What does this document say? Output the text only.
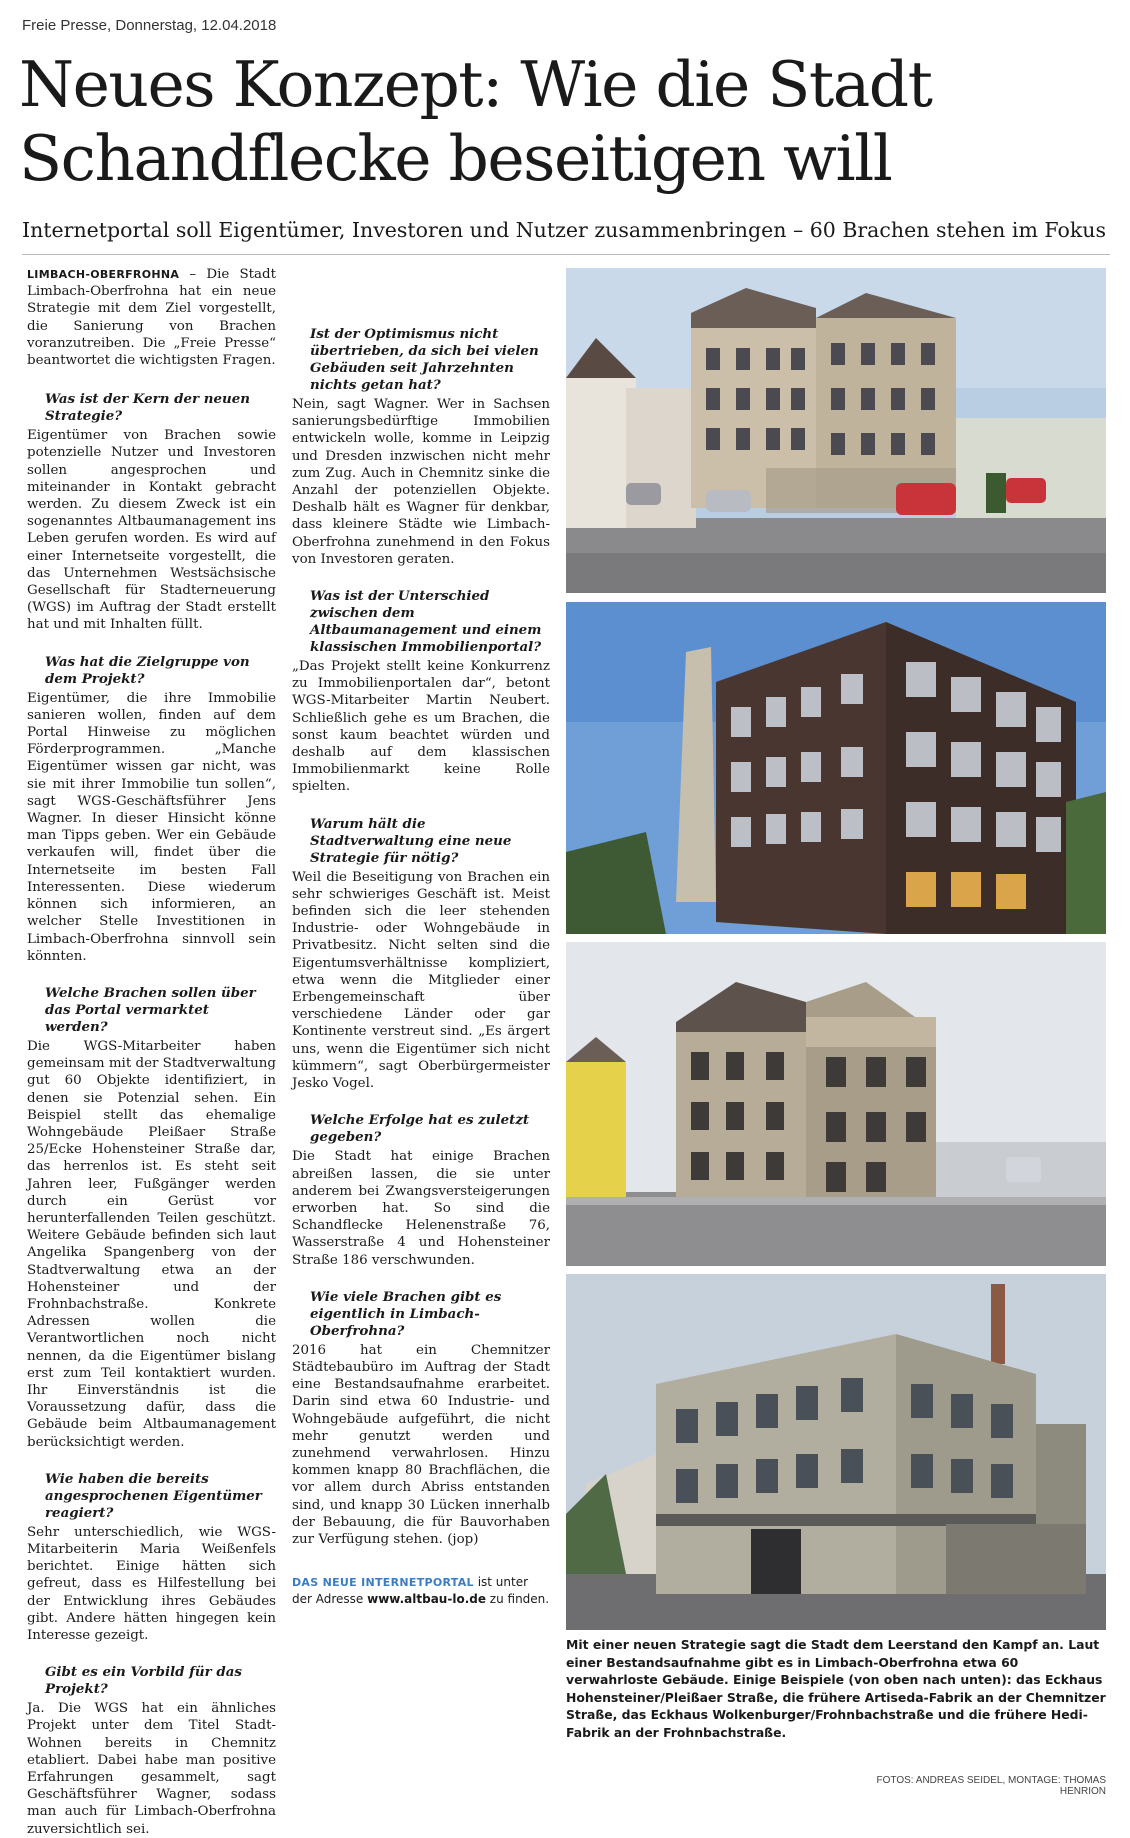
Freie Presse, Donnerstag, 12.04.2018
Neues Konzept: Wie die Stadt Schandflecke beseitigen will
Internetportal soll Eigentümer, Investoren und Nutzer zusammenbringen – 60 Brachen stehen im Fokus

LIMBACH-OBERFROHNA – Die Stadt Limbach-Oberfrohna hat ein neue Strategie mit dem Ziel vorgestellt, die Sanierung von Brachen voranzutreiben. Die „Freie Presse“ beantwortet die wichtigsten Fragen.

Was ist der Kern der neuen Strategie?

Eigentümer von Brachen sowie potenzielle Nutzer und Investoren sollen angesprochen und miteinander in Kontakt gebracht werden. Zu diesem Zweck ist ein sogenanntes Altbaumanagement ins Leben gerufen worden. Es wird auf einer Internetseite vorgestellt, die das Unternehmen Westsächsische Gesellschaft für Stadterneuerung (WGS) im Auftrag der Stadt erstellt hat und mit Inhalten füllt.

Was hat die Zielgruppe von dem Projekt?

Eigentümer, die ihre Immobilie sanieren wollen, finden auf dem Portal Hinweise zu möglichen Förderprogrammen. „Manche Eigentümer wissen gar nicht, was sie mit ihrer Immobilie tun sollen“, sagt WGS-Geschäftsführer Jens Wagner. In dieser Hinsicht könne man Tipps geben. Wer ein Gebäude verkaufen will, findet über die Internetseite im besten Fall Interessenten. Diese wiederum können sich informieren, an welcher Stelle Investitionen in Limbach-Oberfrohna sinnvoll sein könnten.

Welche Brachen sollen über das Portal vermarktet werden?

Die WGS-Mitarbeiter haben gemeinsam mit der Stadtverwaltung gut 60 Objekte identifiziert, in denen sie Potenzial sehen. Ein Beispiel stellt das ehemalige Wohngebäude Pleißaer Straße 25/Ecke Hohensteiner Straße dar, das herrenlos ist. Es steht seit Jahren leer, Fußgänger werden durch ein Gerüst vor herunterfallenden Teilen geschützt. Weitere Gebäude befinden sich laut Angelika Spangenberg von der Stadtverwaltung etwa an der Hohensteiner und der Frohnbachstraße. Konkrete Adressen wollen die Verantwortlichen noch nicht nennen, da die Eigentümer bislang erst zum Teil kontaktiert wurden. Ihr Einverständnis ist die Voraussetzung dafür, dass die Gebäude beim Altbaumanagement berücksichtigt werden.

Wie haben die bereits angesprochenen Eigentümer reagiert?

Sehr unterschiedlich, wie WGS-Mitarbeiterin Maria Weißenfels berichtet. Einige hätten sich gefreut, dass es Hilfestellung bei der Entwicklung ihres Gebäudes gibt. Andere hätten hingegen kein Interesse gezeigt.

Gibt es ein Vorbild für das Projekt?

Ja. Die WGS hat ein ähnliches Projekt unter dem Titel Stadt-Wohnen bereits in Chemnitz etabliert. Dabei habe man positive Erfahrungen gesammelt, sagt Geschäftsführer Wagner, sodass man auch für Limbach-Oberfrohna zuversichtlich sei.

Ist der Optimismus nicht übertrieben, da sich bei vielen Gebäuden seit Jahrzehnten nichts getan hat?

Nein, sagt Wagner. Wer in Sachsen sanierungsbedürftige Immobilien entwickeln wolle, komme in Leipzig und Dresden inzwischen nicht mehr zum Zug. Auch in Chemnitz sinke die Anzahl der potenziellen Objekte. Deshalb hält es Wagner für denkbar, dass kleinere Städte wie Limbach-Oberfrohna zunehmend in den Fokus von Investoren geraten.

Was ist der Unterschied zwischen dem Altbaumanagement und einem klassischen Immobilienportal?

„Das Projekt stellt keine Konkurrenz zu Immobilienportalen dar“, betont WGS-Mitarbeiter Martin Neubert. Schließlich gehe es um Brachen, die sonst kaum beachtet würden und deshalb auf dem klassischen Immobilienmarkt keine Rolle spielten.

Warum hält die Stadtverwaltung eine neue Strategie für nötig?

Weil die Beseitigung von Brachen ein sehr schwieriges Geschäft ist. Meist befinden sich die leer stehenden Industrie- oder Wohngebäude in Privatbesitz. Nicht selten sind die Eigentumsverhältnisse kompliziert, etwa wenn die Mitglieder einer Erbengemeinschaft über verschiedene Länder oder gar Kontinente verstreut sind. „Es ärgert uns, wenn die Eigentümer sich nicht kümmern“, sagt Oberbürgermeister Jesko Vogel.

Welche Erfolge hat es zuletzt gegeben?

Die Stadt hat einige Brachen abreißen lassen, die sie unter anderem bei Zwangsversteigerungen erworben hat. So sind die Schandflecke Helenenstraße 76, Wasserstraße 4 und Hohensteiner Straße 186 verschwunden.

Wie viele Brachen gibt es eigentlich in Limbach-Oberfrohna?

2016 hat ein Chemnitzer Städtebaubüro im Auftrag der Stadt eine Bestandsaufnahme erarbeitet. Darin sind etwa 60 Industrie- und Wohngebäude aufgeführt, die nicht mehr genutzt werden und zunehmend verwahrlosen. Hinzu kommen knapp 80 Brachflächen, die vor allem durch Abriss entstanden sind, und knapp 30 Lücken innerhalb der Bebauung, die für Bauvorhaben zur Verfügung stehen. (jop)

DAS NEUE INTERNETPORTAL ist unter der Adresse www.altbau-lo.de zu finden.

Mit einer neuen Strategie sagt die Stadt dem Leerstand den Kampf an. Laut einer Bestandsaufnahme gibt es in Limbach-Oberfrohna etwa 60 verwahrloste Gebäude. Einige Beispiele (von oben nach unten): das Eckhaus Hohensteiner/Pleißaer Straße, die frühere Artiseda-Fabrik an der Chemnitzer Straße, das Eckhaus Wolkenburger/Frohnbachstraße und die frühere Hedi-Fabrik an der Frohnbachstraße.
FOTOS: ANDREAS SEIDEL, MONTAGE: THOMAS HENRION
